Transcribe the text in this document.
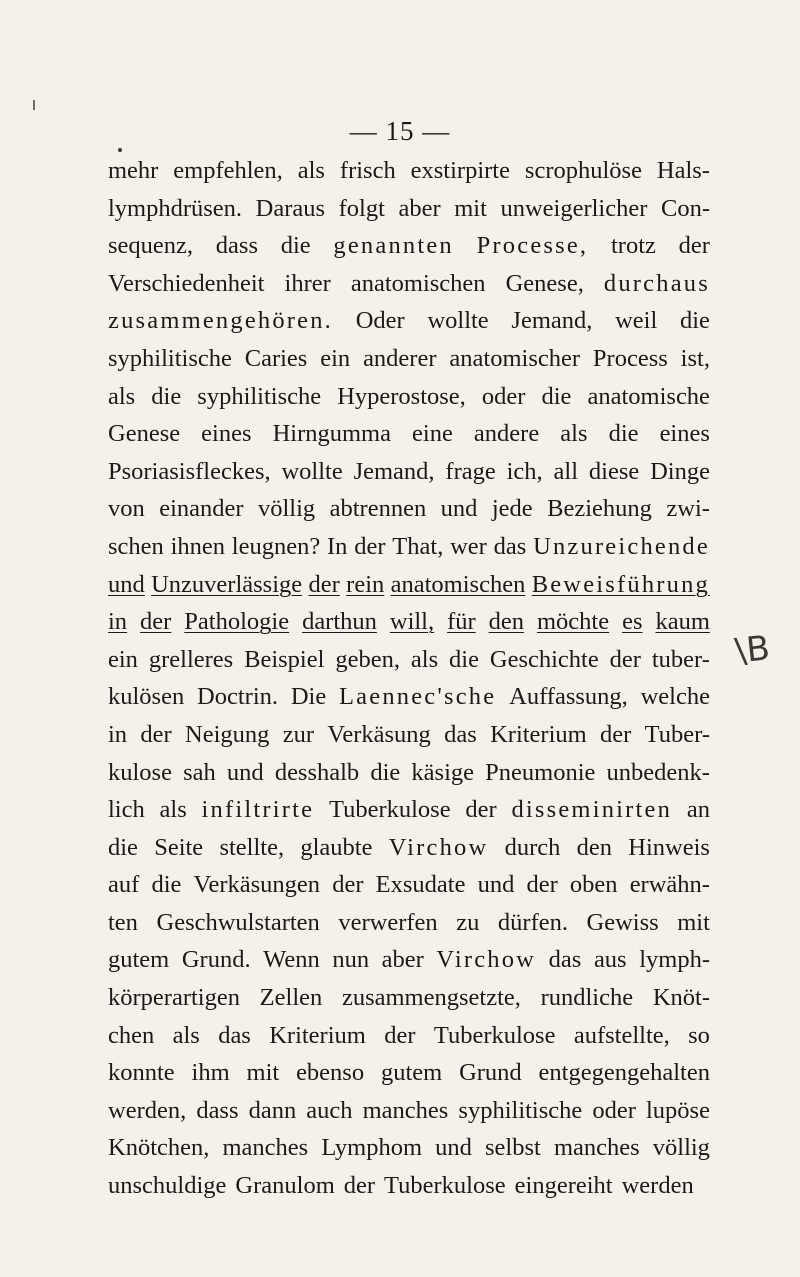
— 15 —
mehr empfehlen, als frisch exstirpirte scrophulöse Hals-
lymphdrüsen. Daraus folgt aber mit unweigerlicher Con-
sequenz, dass die genannten Processe, trotz der
Verschiedenheit ihrer anatomischen Genese, durchaus
zusammengehören. Oder wollte Jemand, weil die
syphilitische Caries ein anderer anatomischer Process ist,
als die syphilitische Hyperostose, oder die anatomische
Genese eines Hirngumma eine andere als die eines
Psoriasisfleckes, wollte Jemand, frage ich, all diese Dinge
von einander völlig abtrennen und jede Beziehung zwi-
schen ihnen leugnen? In der That, wer das Unzureichende
und Unzuverlässige der rein anatomischen Beweisführung
in der Pathologie darthun will, für den möchte es kaum
ein grelleres Beispiel geben, als die Geschichte der tuber-
kulösen Doctrin. Die Laennec'sche Auffassung, welche
in der Neigung zur Verkäsung das Kriterium der Tuber-
kulose sah und desshalb die käsige Pneumonie unbedenk-
lich als infiltrirte Tuberkulose der disseminirten an
die Seite stellte, glaubte Virchow durch den Hinweis
auf die Verkäsungen der Exsudate und der oben erwähn-
ten Geschwulstarten verwerfen zu dürfen. Gewiss mit
gutem Grund. Wenn nun aber Virchow das aus lymph-
körperartigen Zellen zusammengsetzte, rundliche Knöt-
chen als das Kriterium der Tuberkulose aufstellte, so
konnte ihm mit ebenso gutem Grund entgegengehalten
werden, dass dann auch manches syphilitische oder lupöse
Knötchen, manches Lymphom und selbst manches völlig
unschuldige Granulom der Tuberkulose eingereiht werden
\B
